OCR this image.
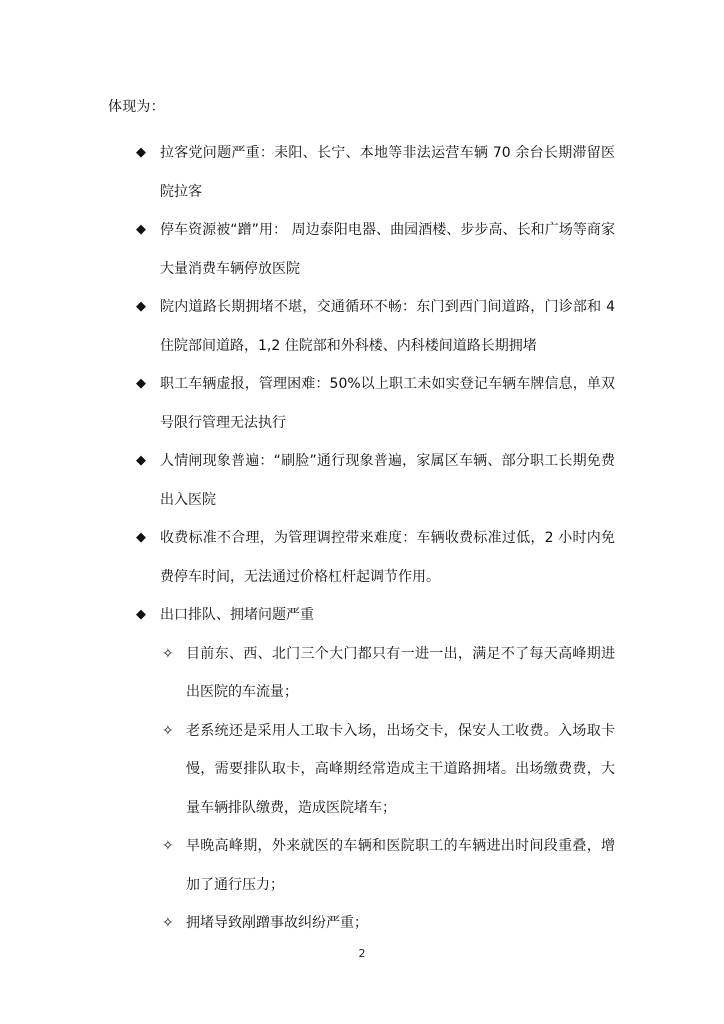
体现为：
◆ 拉客党问题严重：耒阳、长宁、本地等非法运营车辆 70 余台长期滞留医院拉客
◆ 停车资源被“蹭”用： 周边泰阳电器、曲园酒楼、步步高、长和广场等商家大量消费车辆停放医院
◆ 院内道路长期拥堵不堪，交通循环不畅：东门到西门间道路，门诊部和 4 住院部间道路，1,2 住院部和外科楼、内科楼间道路长期拥堵
◆ 职工车辆虚报，管理困难：50%以上职工未如实登记车辆车牌信息，单双号限行管理无法执行
◆ 人情闸现象普遍：“刷脸”通行现象普遍，家属区车辆、部分职工长期免费出入医院
◆ 收费标准不合理，为管理调控带来难度：车辆收费标准过低，2 小时内免费停车时间，无法通过价格杠杆起调节作用。
◆ 出口排队、拥堵问题严重
✧ 目前东、西、北门三个大门都只有一进一出，满足不了每天高峰期进出医院的车流量；
✧ 老系统还是采用人工取卡入场，出场交卡，保安人工收费。入场取卡慢，需要排队取卡，高峰期经常造成主干道路拥堵。出场缴费费，大量车辆排队缴费，造成医院堵车；
✧ 早晚高峰期，外来就医的车辆和医院职工的车辆进出时间段重叠，增加了通行压力；
✧ 拥堵导致剐蹭事故纠纷严重；
2
